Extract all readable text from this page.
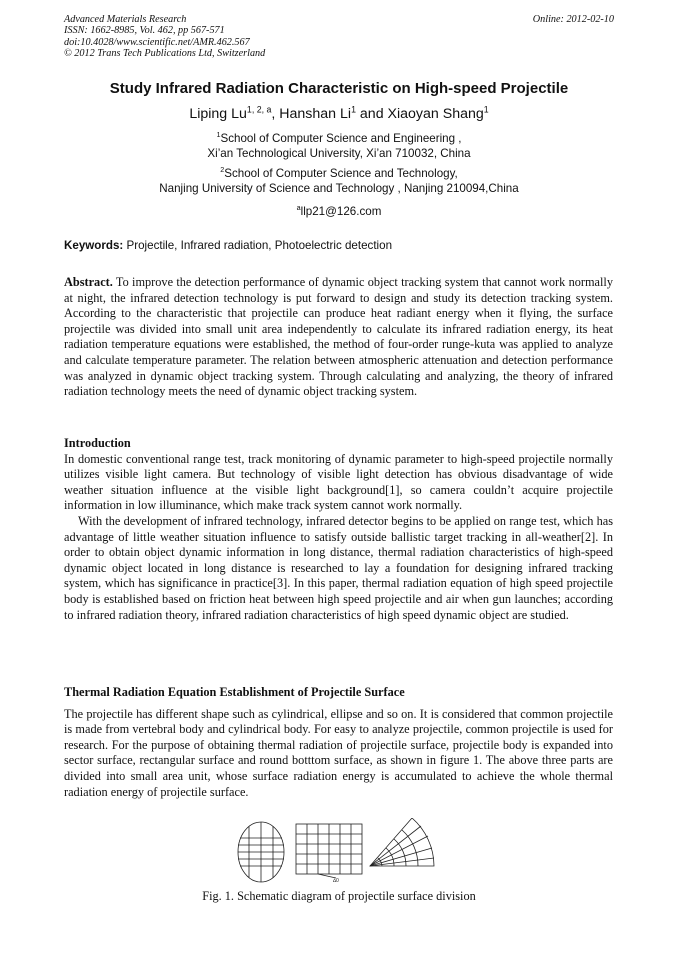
Advanced Materials Research
ISSN: 1662-8985, Vol. 462, pp 567-571
doi:10.4028/www.scientific.net/AMR.462.567
© 2012 Trans Tech Publications Ltd, Switzerland
Online: 2012-02-10
Study Infrared Radiation Characteristic on High-speed Projectile
Liping Lu$^{1, 2, a}$, Hanshan Li$^1$ and Xiaoyan Shang$^1$
$^1$School of Computer Science and Engineering ,
Xi’an Technological University, Xi’an 710032, China
$^2$School of Computer Science and Technology,
Nanjing University of Science and Technology , Nanjing 210094,China
$^a$llp21@126.com
Keywords: Projectile, Infrared radiation, Photoelectric detection

Abstract. To improve the detection performance of dynamic object tracking system that cannot work normally at night, the infrared detection technology is put forward to design and study its detection tracking system. According to the characteristic that projectile can produce heat radiant energy when it flying, the surface projectile was divided into small unit area independently to calculate its infrared radiation energy, its heat radiation temperature equations were established, the method of four-order runge-kuta was applied to analyze and calculate temperature parameter. The relation between atmospheric attenuation and detection performance was analyzed in dynamic object tracking system. Through calculating and analyzing, the theory of infrared radiation technology meets the need of dynamic object tracking system.

Introduction

In domestic conventional range test, track monitoring of dynamic parameter to high-speed projectile normally utilizes visible light camera. But technology of visible light detection has obvious disadvantage of wide weather situation influence at the visible light background[1], so camera couldn’t acquire projectile information in low illuminance, which make track system cannot work normally.

With the development of infrared technology, infrared detector begins to be applied on range test, which has advantage of little weather situation influence to satisfy outside ballistic target tracking in all-weather[2]. In order to obtain object dynamic information in long distance, thermal radiation characteristics of high-speed dynamic object located in long distance is researched to lay a foundation for designing infrared tracking system, which has significance in practice[3]. In this paper, thermal radiation equation of high speed projectile body is established based on friction heat between high speed projectile and air when gun launches; according to infrared radiation theory, infrared radiation characteristics of high speed dynamic object are studied.

Thermal Radiation Equation Establishment of Projectile Surface

The projectile has different shape such as cylindrical, ellipse and so on. It is considered that common projectile is made from vertebral body and cylindrical body. For easy to analyze projectile, common projectile is used for research. For the purpose of obtaining thermal radiation of projectile surface, projectile body is expanded into sector surface, rectangular surface and round botttom surface, as shown in figure 1. The above three parts are divided into small area unit, whose surface radiation energy is accumulated to achieve the whole thermal radiation energy of projectile surface.

∆0
Fig. 1. Schematic diagram of projectile surface division
